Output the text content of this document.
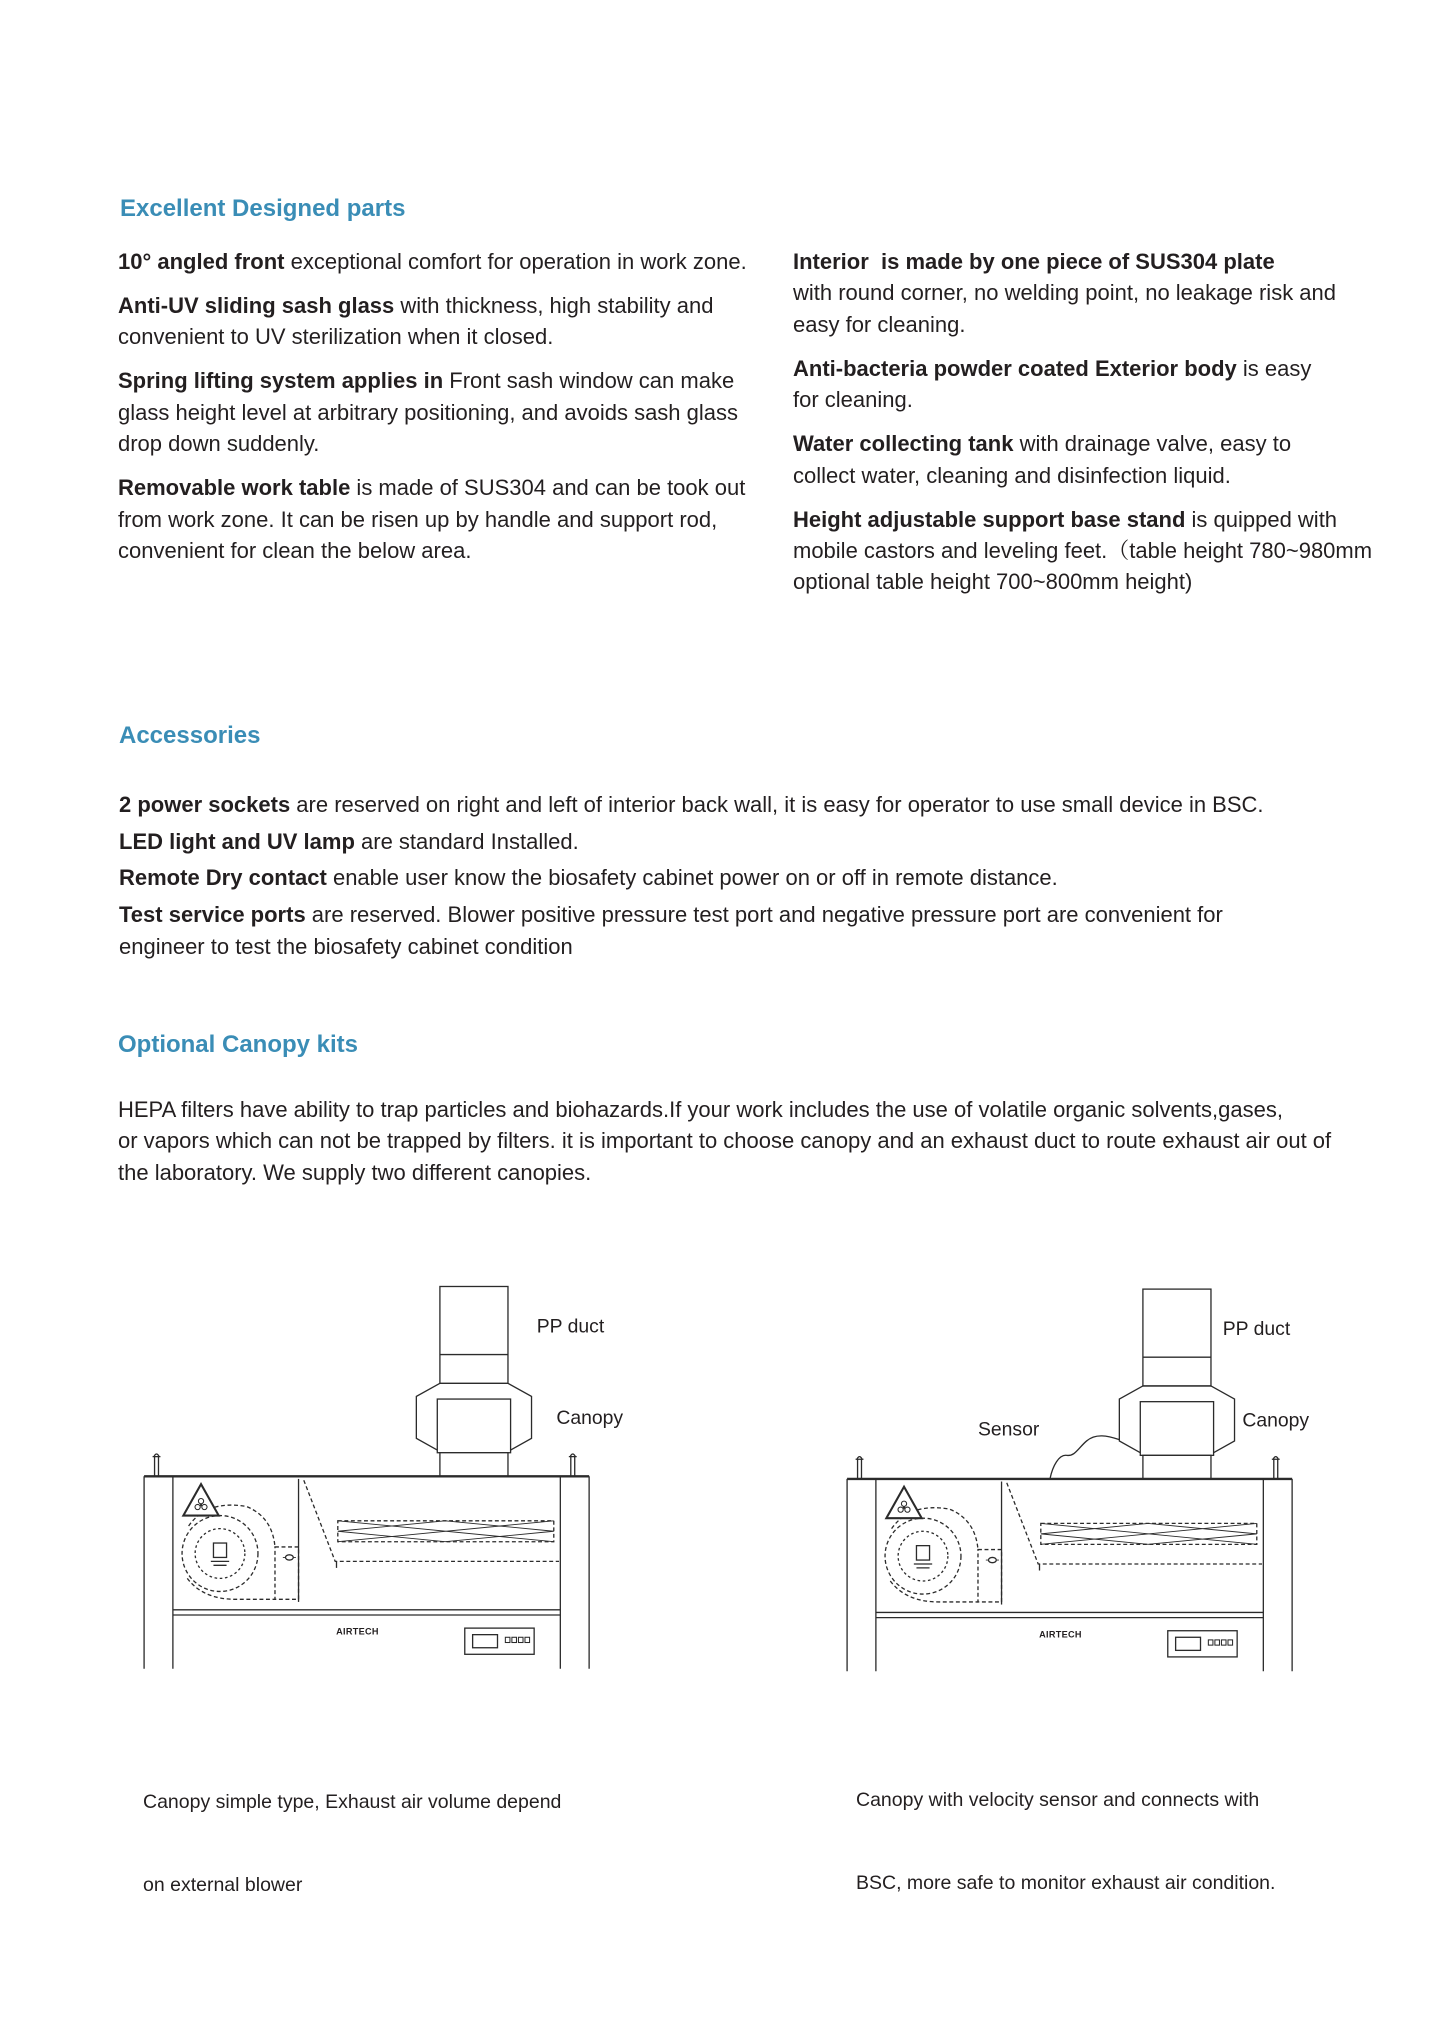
Excellent Designed parts
10° angled front exceptional comfort for operation in work zone.
Anti-UV sliding sash glass with thickness, high stability and
convenient to UV sterilization when it closed.
Spring lifting system applies in Front sash window can make
glass height level at arbitrary positioning, and avoids sash glass
drop down suddenly.
Removable work table is made of SUS304 and can be took out
from work zone. It can be risen up by handle and support rod,
convenient for clean the below area.
Interior  is made by one piece of SUS304 plate
with round corner, no welding point, no leakage risk and
easy for cleaning.
Anti-bacteria powder coated Exterior body is easy
for cleaning.
Water collecting tank with drainage valve, easy to
collect water, cleaning and disinfection liquid.
Height adjustable support base stand is quipped with
mobile castors and leveling feet.（table height 780~980mm
optional table height 700~800mm height)
Accessories
2 power sockets are reserved on right and left of interior back wall, it is easy for operator to use small device in BSC.
LED light and UV lamp are standard Installed.
Remote Dry contact enable user know the biosafety cabinet power on or off in remote distance.
Test service ports are reserved. Blower positive pressure test port and negative pressure port are convenient for
engineer to test the biosafety cabinet condition
Optional Canopy kits
HEPA filters have ability to trap particles and biohazards.If your work includes the use of volatile organic solvents,gases,
or vapors which can not be trapped by filters. it is important to choose canopy and an exhaust duct to route exhaust air out of
the laboratory. We supply two different canopies.
PP duct
Canopy
AIRTECH
PP duct
Canopy
Sensor
AIRTECH

Canopy simple type, Exhaust air volume depend

on external blower

Canopy with velocity sensor and connects with

BSC, more safe to monitor exhaust air condition.
